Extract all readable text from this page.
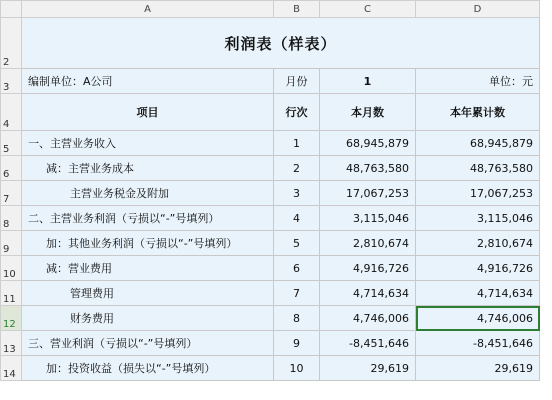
	A	B	C	D
2	利润表（样表）			
3	编制单位：A公司	月份	1	单位：元
4	项目	行次	本月数	本年累计数
5	一、主营业务收入	1	68,945,879	68,945,879
6	减：主营业务成本	2	48,763,580	48,763,580
7	主营业务税金及附加	3	17,067,253	17,067,253
8	二、主营业务利润（亏损以“-”号填列）	4	3,115,046	3,115,046
9	加：其他业务利润（亏损以“-”号填列）	5	2,810,674	2,810,674
10	减：营业费用	6	4,916,726	4,916,726
11	管理费用	7	4,714,634	4,714,634
12	财务费用	8	4,746,006	4,746,006
13	三、营业利润（亏损以“-”号填列）	9	-8,451,646	-8,451,646
14	加：投资收益（损失以“-”号填列）	10	29,619	29,619
